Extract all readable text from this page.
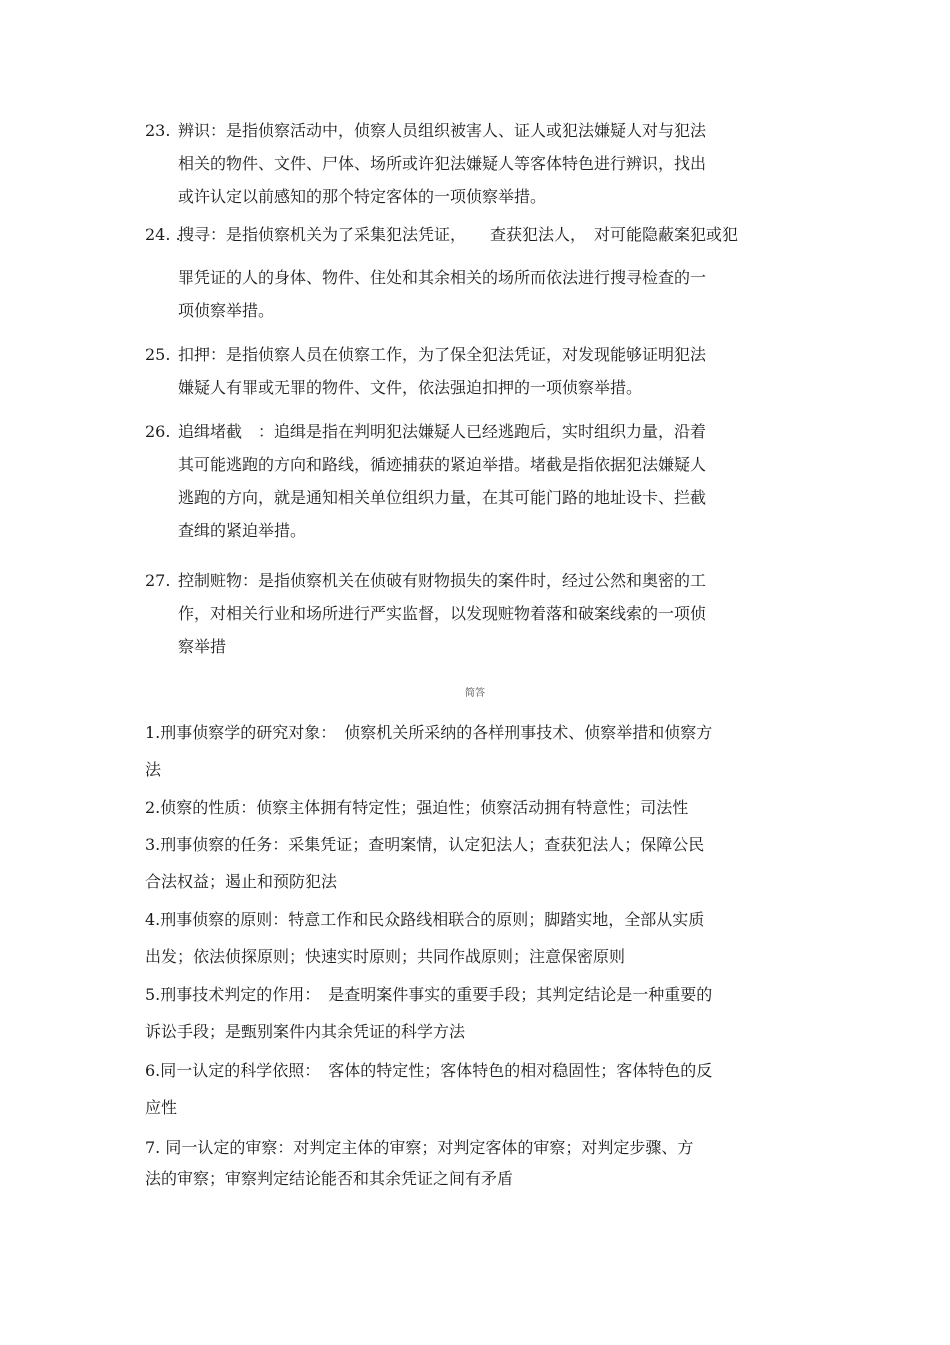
23. 辨识：是指侦察活动中，侦察人员组织被害人、证人或犯法嫌疑人对与犯法
相关的物件、文件、尸体、场所或许犯法嫌疑人等客体特色进行辨识，找出
或许认定以前感知的那个特定客体的一项侦察举措。
24. .搜寻：是指侦察机关为了采集犯法凭证，　　查获犯法人，　对可能隐蔽案犯或犯
罪凭证的人的身体、物件、住处和其余相关的场所而依法进行搜寻检查的一
项侦察举措。
25. 扣押：是指侦察人员在侦察工作，为了保全犯法凭证，对发现能够证明犯法
嫌疑人有罪或无罪的物件、文件，依法强迫扣押的一项侦察举措。
26. 追缉堵截　：追缉是指在判明犯法嫌疑人已经逃跑后，实时组织力量，沿着
其可能逃跑的方向和路线，循迹捕获的紧迫举措。堵截是指依据犯法嫌疑人
逃跑的方向，就是通知相关单位组织力量，在其可能门路的地址设卡、拦截
查缉的紧迫举措。
27. 控制赃物：是指侦察机关在侦破有财物损失的案件时，经过公然和奥密的工
作，对相关行业和场所进行严实监督，以发现赃物着落和破案线索的一项侦
察举措
简答
1.刑事侦察学的研究对象：　侦察机关所采纳的各样刑事技术、侦察举措和侦察方
法
2.侦察的性质：侦察主体拥有特定性；强迫性；侦察活动拥有特意性；司法性
3.刑事侦察的任务：采集凭证；查明案情，认定犯法人；查获犯法人；保障公民
合法权益；遏止和预防犯法
4.刑事侦察的原则：特意工作和民众路线相联合的原则；脚踏实地，全部从实质
出发；依法侦探原则；快速实时原则；共同作战原则；注意保密原则
5.刑事技术判定的作用：　是查明案件事实的重要手段；其判定结论是一种重要的
诉讼手段；是甄别案件内其余凭证的科学方法
6.同一认定的科学依照：　客体的特定性；客体特色的相对稳固性；客体特色的反
应性
7. 同一认定的审察：对判定主体的审察；对判定客体的审察；对判定步骤、方
法的审察；审察判定结论能否和其余凭证之间有矛盾
